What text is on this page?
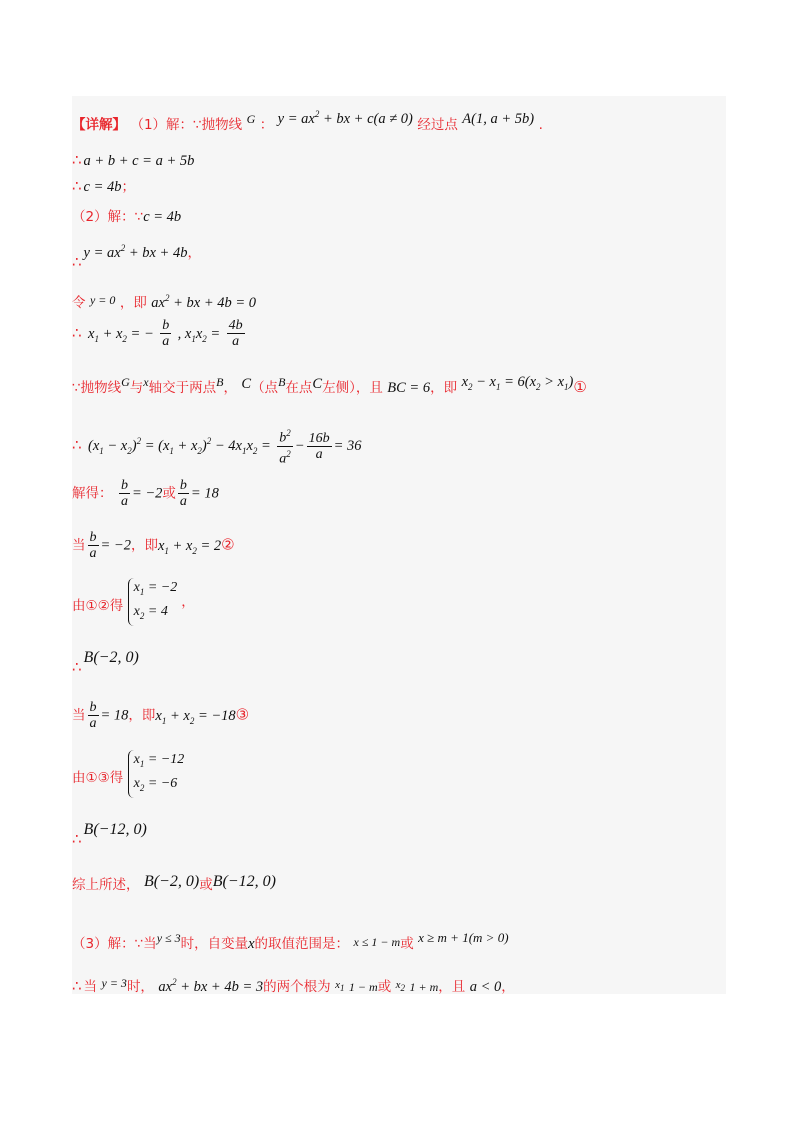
【详解】 （1）解：∵抛物线 G ： $y = ax^2$ + bx + c(a ≠ 0) 经过点 A(1, a + 5b) .
∴ a + b + c = a + 5b
∴ c = 4b；
（2）解：∵c = 4b
∴ $y = ax^2$ + bx + 4b，
令 y = 0 ，即 $ax^2$ + bx + 4b = 0
∴ $x_1 + x_2$ = − $\frac{b}{a}$ , $x_1x_2 = \frac{4b}{a}$
∵抛物线G与x轴交于两点B， C（点B在点C左侧），且 BC = 6，即 $x_2 - x_1 = 6(x_2$ > $x_1)①$
∴ $(x_1 - x_2)^2 = (x_1 + x_2)^2 - 4x_1x_2 = \frac{b^2}{a^2} - \frac{16b}{a} = 36$
解得： $\frac{b}{a} = -2$或 $\frac{b}{a} = 18$
当 $\frac{b}{a} = -2$，即$x_1 + x_2$ = 2②
由①②得
$x_1 = -2$
$x_2 = 4$
，
∴B(−2, 0)
当 $\frac{b}{a} = 18$，即$x_1 + x_2$ = −18③
由①③得
$x_1 = -12$
$x_2 = -6$
∴B(−12, 0)
综上所述， B(−2, 0)或B(−12, 0)
（3）解：∵当y ≤ 3时，自变量x的取值范围是： x ≤ 1 − m或 x ≥ m + 1(m > 0)
∴ 当 y = 3时， $ax^2$ + bx + 4b = 3的两个根为 $^{x_1}$ 1 − m或 $^{x_2}$ 1 + m，且 a < 0，
